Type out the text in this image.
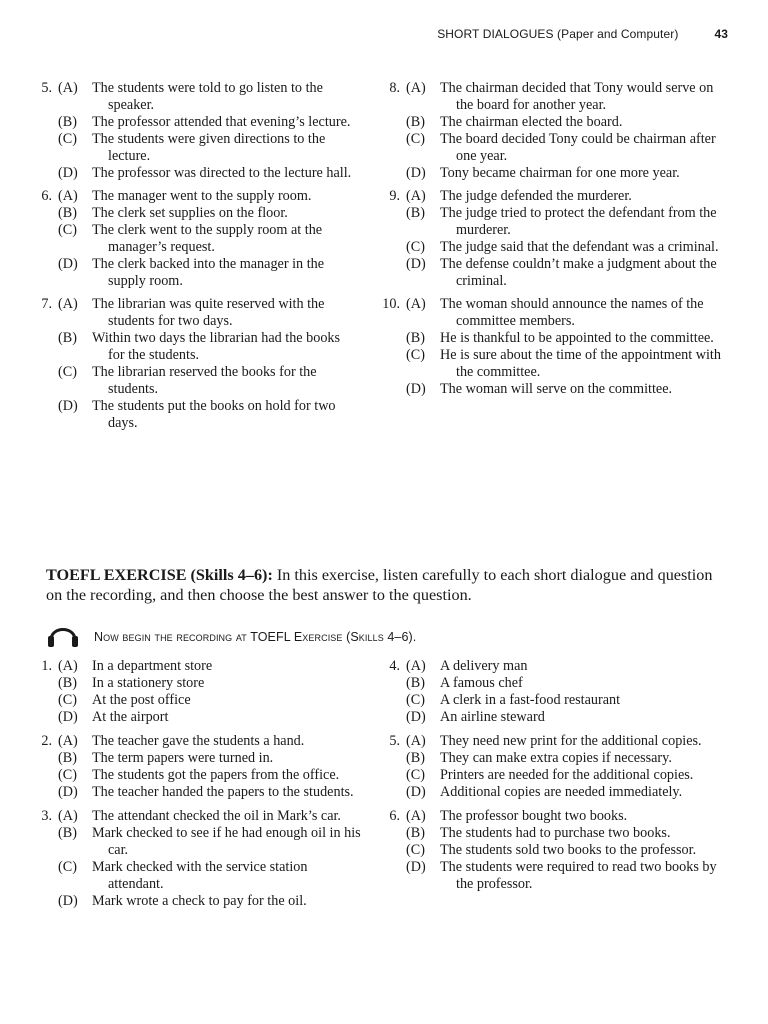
SHORT DIALOGUES (Paper and Computer)	43
5. (A)	The students were told to go listen to the speaker.
(B)	The professor attended that evening’s lecture.
(C)	The students were given directions to the lecture.
(D)	The professor was directed to the lecture hall.
6. (A)	The manager went to the supply room.
(B)	The clerk set supplies on the floor.
(C)	The clerk went to the supply room at the manager’s request.
(D)	The clerk backed into the manager in the supply room.
7. (A)	The librarian was quite reserved with the students for two days.
(B)	Within two days the librarian had the books for the students.
(C)	The librarian reserved the books for the students.
(D)	The students put the books on hold for two days.
8. (A)	The chairman decided that Tony would serve on the board for another year.
(B)	The chairman elected the board.
(C)	The board decided Tony could be chairman after one year.
(D)	Tony became chairman for one more year.
9. (A)	The judge defended the murderer.
(B)	The judge tried to protect the defendant from the murderer.
(C)	The judge said that the defendant was a criminal.
(D)	The defense couldn’t make a judgment about the criminal.
10. (A)	The woman should announce the names of the committee members.
(B)	He is thankful to be appointed to the committee.
(C)	He is sure about the time of the appointment with the committee.
(D)	The woman will serve on the committee.
TOEFL EXERCISE (Skills 4–6): In this exercise, listen carefully to each short dialogue and question on the recording, and then choose the best answer to the question.
Now begin the recording at TOEFL Exercise (Skills 4–6).
1. (A)	In a department store
(B)	In a stationery store
(C)	At the post office
(D)	At the airport
2. (A)	The teacher gave the students a hand.
(B)	The term papers were turned in.
(C)	The students got the papers from the office.
(D)	The teacher handed the papers to the students.
3. (A)	The attendant checked the oil in Mark’s car.
(B)	Mark checked to see if he had enough oil in his car.
(C)	Mark checked with the service station attendant.
(D)	Mark wrote a check to pay for the oil.
4. (A)	A delivery man
(B)	A famous chef
(C)	A clerk in a fast-food restaurant
(D)	An airline steward
5. (A)	They need new print for the additional copies.
(B)	They can make extra copies if necessary.
(C)	Printers are needed for the additional copies.
(D)	Additional copies are needed immediately.
6. (A)	The professor bought two books.
(B)	The students had to purchase two books.
(C)	The students sold two books to the professor.
(D)	The students were required to read two books by the professor.
